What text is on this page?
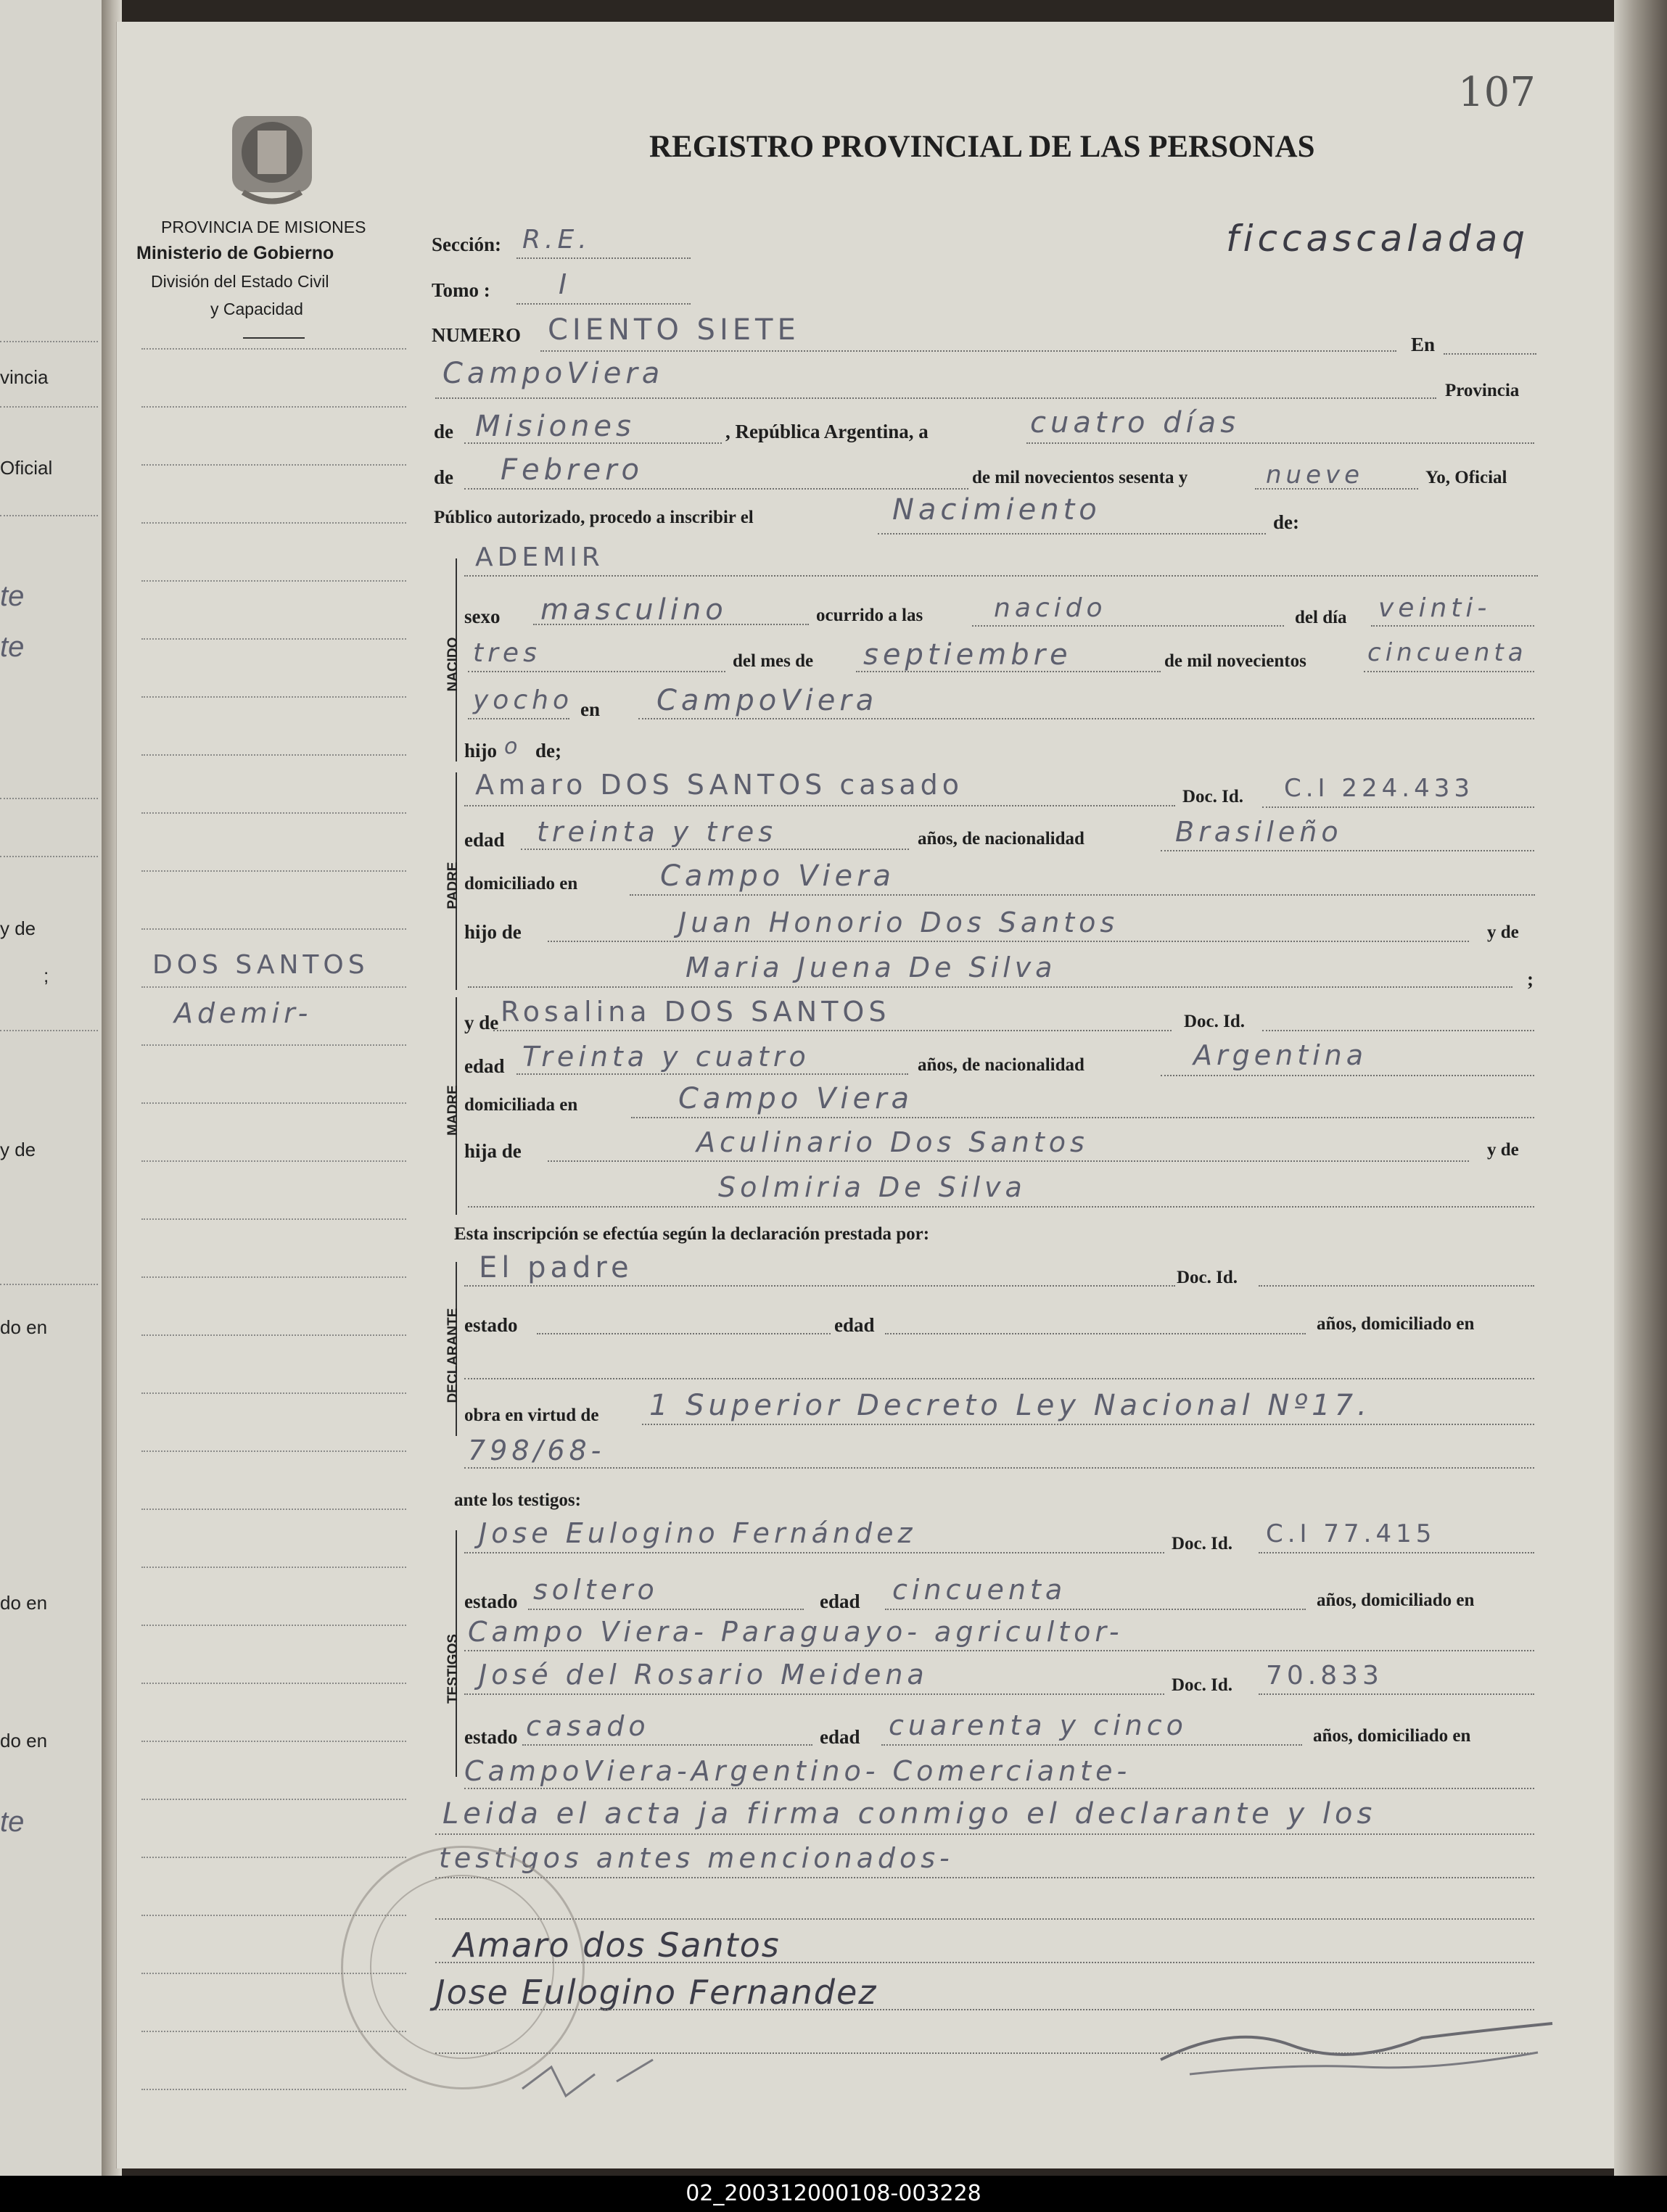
vincia
Oficial
te
te
y de
;
y de
do en
do en
do en
te
PROVINCIA DE MISIONES
Ministerio de Gobierno
División del Estado Civil
y Capacidad
107
REGISTRO PROVINCIAL DE LAS PERSONAS
ficcascaladaq
DOS SANTOS
Ademir-
Sección: R.E.
Tomo : I
NUMERO CIENTO SIETE	En
CampoViera
Provincia
de Misiones	, República Argentina, a	cuatro días
de Febrero	de mil novecientos sesenta y	nueve	Yo, Oficial
Público autorizado, procedo a inscribir el	Nacimiento	de:
NACIDO
ADEMIR
sexo masculino	ocurrido a las	nacido	del día veinti-
tres	del mes de septiembre	de mil novecientos cincuenta
yocho en CampoViera
hijo o de;
PADRE
Amaro DOS SANTOS casado	Doc. Id. C.I 224.433
edad treinta y tres	años, de nacionalidad	Brasileño
domiciliado en	Campo Viera
hijo de	Juan Honorio Dos Santos	y de
Maria Juena De Silva	;
MADRE
y de Rosalina DOS SANTOS	Doc. Id.
edad Treinta y cuatro	años, de nacionalidad	Argentina
domiciliada en	Campo Viera
hija de	Aculinario Dos Santos	y de
Solmiria De Silva
Esta inscripción se efectúa según la declaración prestada por:
DECLARANTE
El padre	Doc. Id.
estado	edad	años, domiciliado en
obra en virtud de 1 Superior Decreto Ley Nacional Nº17.
798/68-
ante los testigos:
TESTIGOS
Jose Eulogino Fernández	Doc. Id. C.I 77.415
estado soltero	edad cincuenta	años, domiciliado en
Campo Viera- Paraguayo- agricultor-
José del Rosario Meidena	Doc. Id. 70.833
estado casado	edad cuarenta y cinco	años, domiciliado en
CampoViera-Argentino- Comerciante-
Leida el acta ja firma conmigo el declarante y los
testigos antes mencionados-
Amaro dos Santos
Jose Eulogino Fernandez
02_200312000108-003228
